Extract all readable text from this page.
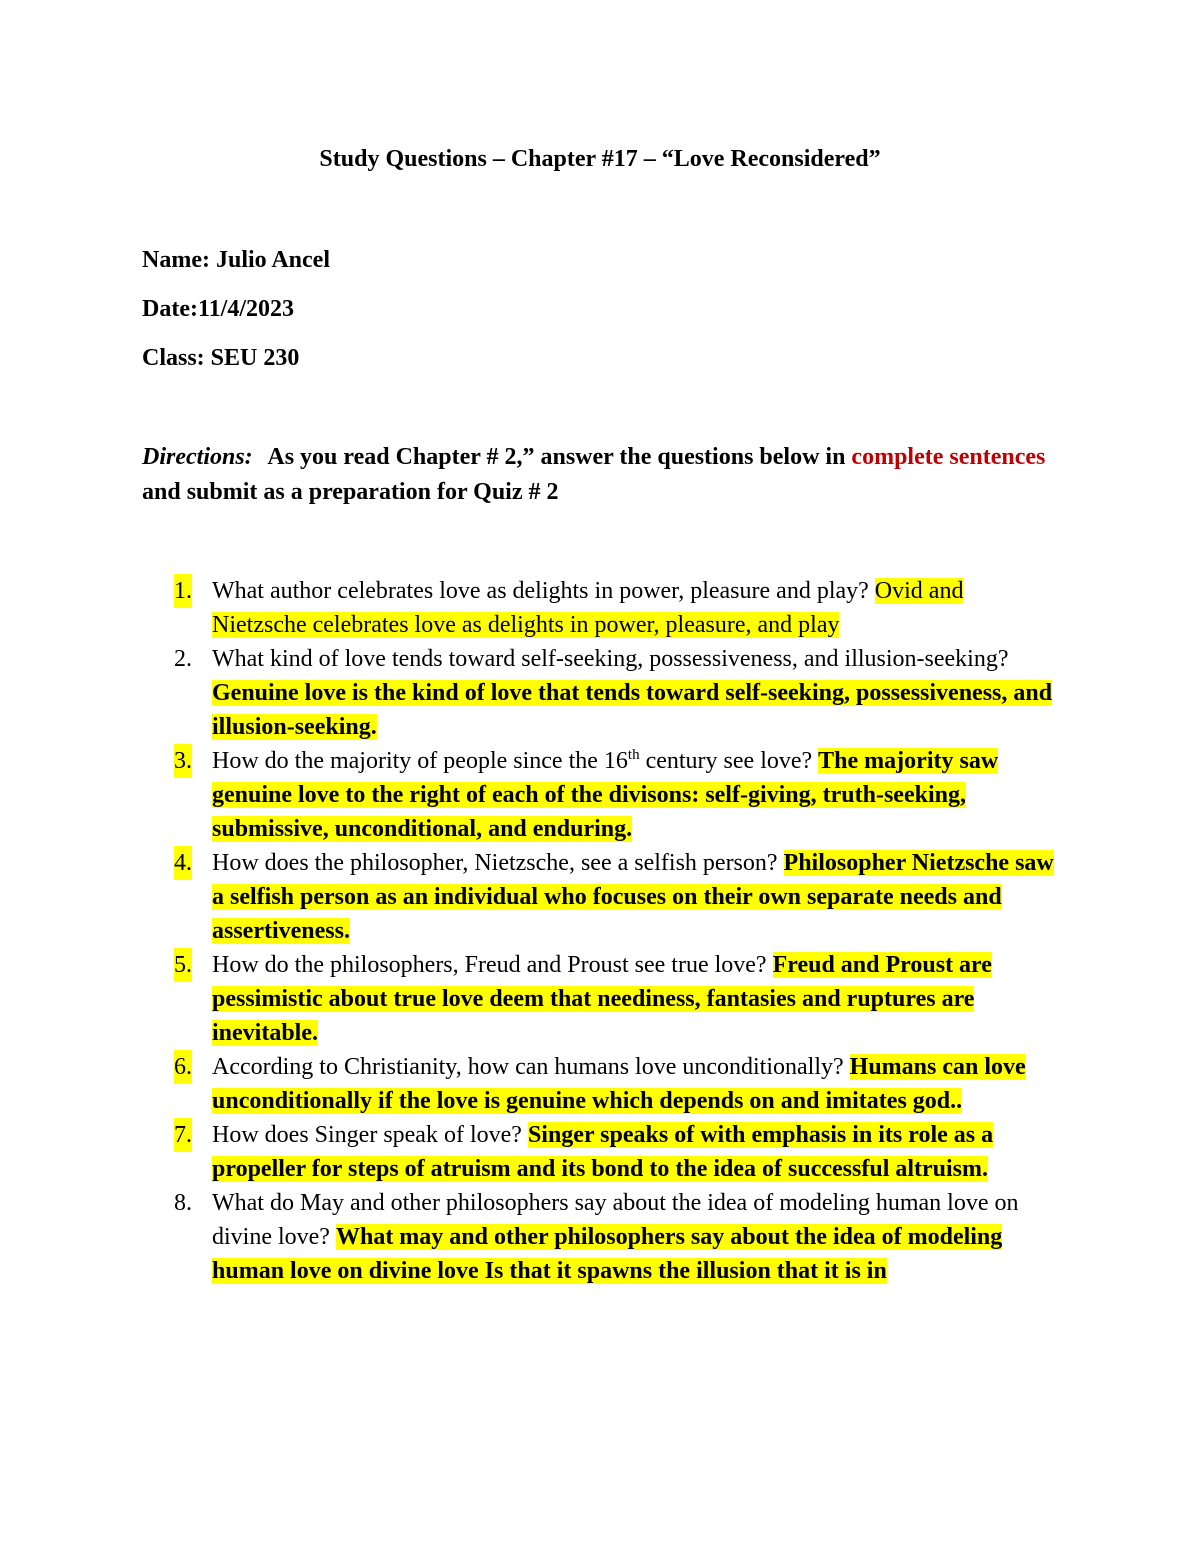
Study Questions – Chapter #17 – “Love Reconsidered”
Name: Julio Ancel
Date:11/4/2023
Class: SEU 230
Directions: As you read Chapter # 2,” answer the questions below in complete sentences and submit as a preparation for Quiz # 2
1. What author celebrates love as delights in power, pleasure and play? Ovid and Nietzsche celebrates love as delights in power, pleasure, and play
2. What kind of love tends toward self-seeking, possessiveness, and illusion-seeking? Genuine love is the kind of love that tends toward self-seeking, possessiveness, and illusion-seeking.
3. How do the majority of people since the 16th century see love? The majority saw genuine love to the right of each of the divisons: self-giving, truth-seeking, submissive, unconditional, and enduring.
4. How does the philosopher, Nietzsche, see a selfish person? Philosopher Nietzsche saw a selfish person as an individual who focuses on their own separate needs and assertiveness.
5. How do the philosophers, Freud and Proust see true love? Freud and Proust are pessimistic about true love deem that neediness, fantasies and ruptures are inevitable.
6. According to Christianity, how can humans love unconditionally? Humans can love unconditionally if the love is genuine which depends on and imitates god..
7. How does Singer speak of love? Singer speaks of with emphasis in its role as a propeller for steps of atruism and its bond to the idea of successful altruism.
8. What do May and other philosophers say about the idea of modeling human love on divine love? What may and other philosophers say about the idea of modeling human love on divine love Is that it spawns the illusion that it is in
